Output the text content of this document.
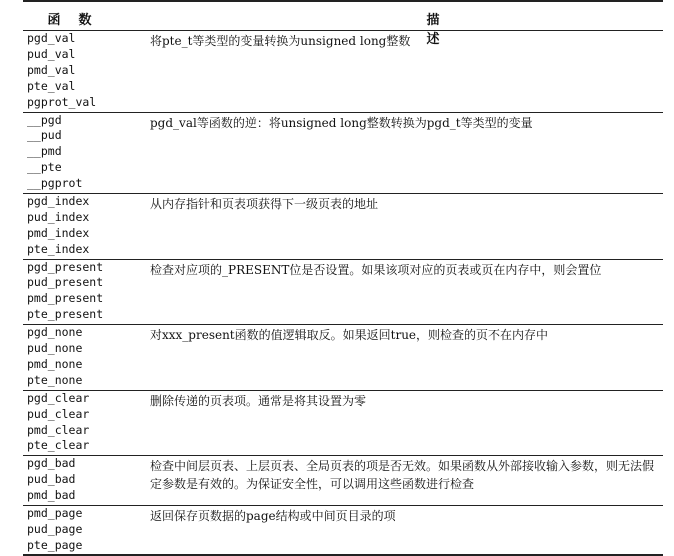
函数	描述
pgd_val
pud_val
pmd_val
pte_val
pgprot_val
将pte_t等类型的变量转换为unsigned long整数
__pgd
__pud
__pmd
__pte
__pgprot
pgd_val等函数的逆：将unsigned long整数转换为pgd_t等类型的变量
pgd_index
pud_index
pmd_index
pte_index
从内存指针和页表项获得下一级页表的地址
pgd_present
pud_present
pmd_present
pte_present
检查对应项的_PRESENT位是否设置。如果该项对应的页表或页在内存中，则会置位
pgd_none
pud_none
pmd_none
pte_none
对xxx_present函数的值逻辑取反。如果返回true，则检查的页不在内存中
pgd_clear
pud_clear
pmd_clear
pte_clear
删除传递的页表项。通常是将其设置为零
pgd_bad
pud_bad
pmd_bad
检查中间层页表、上层页表、全局页表的项是否无效。如果函数从外部接收输入参数，则无法假定参数是有效的。为保证安全性，可以调用这些函数进行检查
pmd_page
pud_page
pte_page
返回保存页数据的page结构或中间页目录的项
